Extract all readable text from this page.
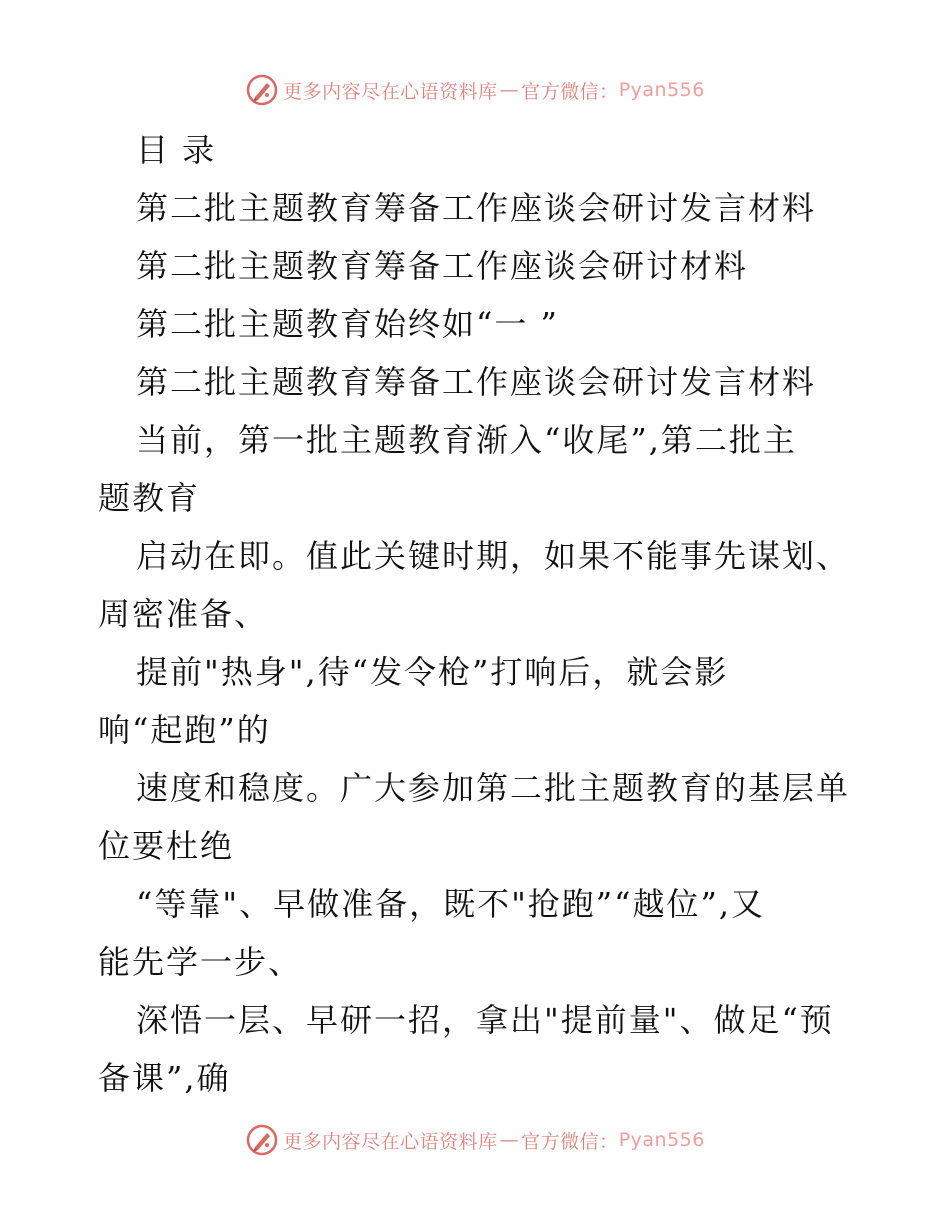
更多内容尽在心语资料库 — 官方微信： Pyan556
目 录
第二批主题教育筹备工作座谈会研讨发言材料
第二批主题教育筹备工作座谈会研讨材料
第二批主题教育始终如“一 ”
第二批主题教育筹备工作座谈会研讨发言材料
当前，第一批主题教育渐入“收尾”,第二批主
题教育
启动在即。值此关键时期，如果不能事先谋划、
周密准备、
提前"热身",待“发令枪”打响后，就会影
响“起跑”的
速度和稳度。广大参加第二批主题教育的基层单
位要杜绝
“等靠"、早做准备，既不"抢跑”“越位”,又
能先学一步、
深悟一层、早研一招，拿出"提前量"、做足“预
备课”,确
更多内容尽在心语资料库 — 官方微信： Pyan556
